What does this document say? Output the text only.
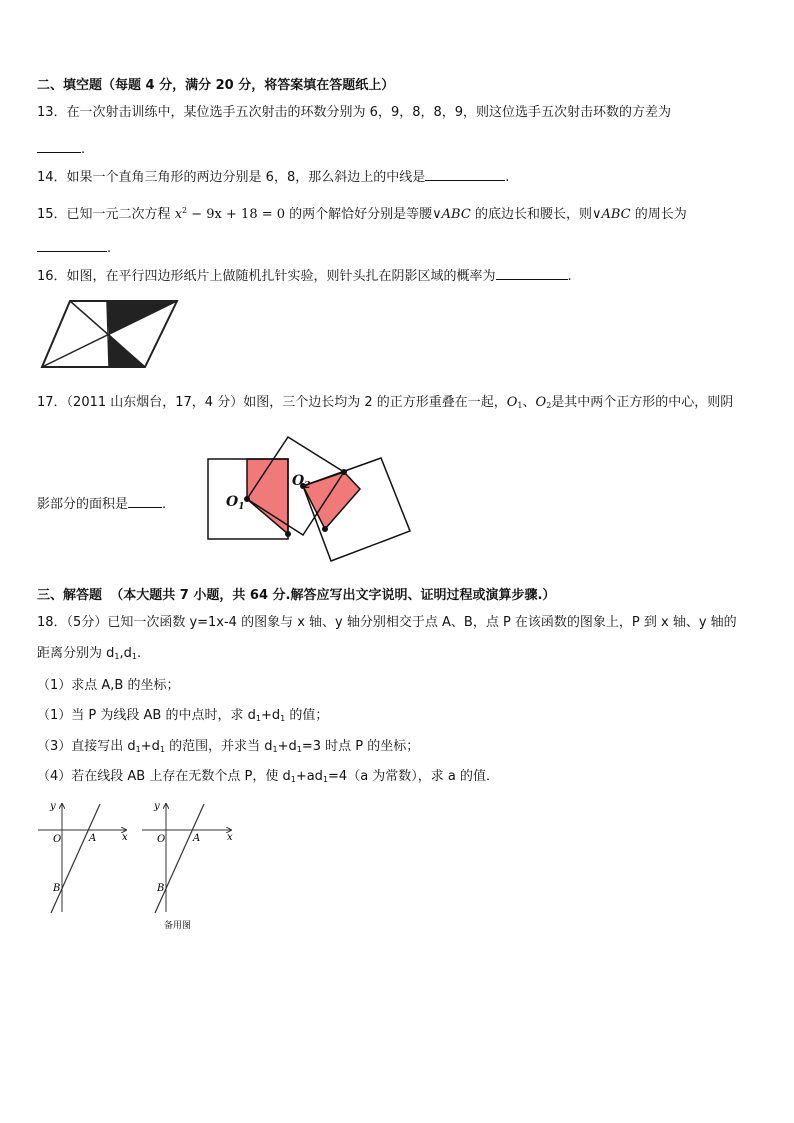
二、填空题（每题 4 分，满分 20 分，将答案填在答题纸上）
13．在一次射击训练中，某位选手五次射击的环数分别为 6，9，8，8，9，则这位选手五次射击环数的方差为
.
14．如果一个直角三角形的两边分别是 6，8，那么斜边上的中线是	.
15．已知一元二次方程 $x^2 - 9x + 18 = 0$ 的两个解恰好分别是等腰∨ABC 的底边长和腰长，则∨ABC 的周长为
.
16．如图，在平行四边形纸片上做随机扎针实验，则针头扎在阴影区域的概率为	.
17．（2011 山东烟台，17，4 分）如图，三个边长均为 2 的正方形重叠在一起，$O_1$、$O_2$是其中两个正方形的中心，则阴
影部分的面积是	.	$O_1$
$O_2$
三、解答题 （本大题共 7 小题，共 64 分.解答应写出文字说明、证明过程或演算步骤.）
18．（5分）已知一次函数 y=1x-4 的图象与 x 轴、y 轴分别相交于点 A、B，点 P 在该函数的图象上，P 到 x 轴、y 轴的
距离分别为 $d_1,d_1$.
（1）求点 A,B 的坐标；
（1）当 P 为线段 AB 的中点时，求 $d_1+d_1$ 的值；
（3）直接写出 $d_1+d_1$ 的范围，并求当 $d_1+d_1=3$ 时点 P 的坐标；
（4）若在线段 AB 上存在无数个点 P，使 $d_1+ad_1=4(a$ 为常数），求 a 的值．
y
x
O	A
B
y
x
O	A
B
备用图
